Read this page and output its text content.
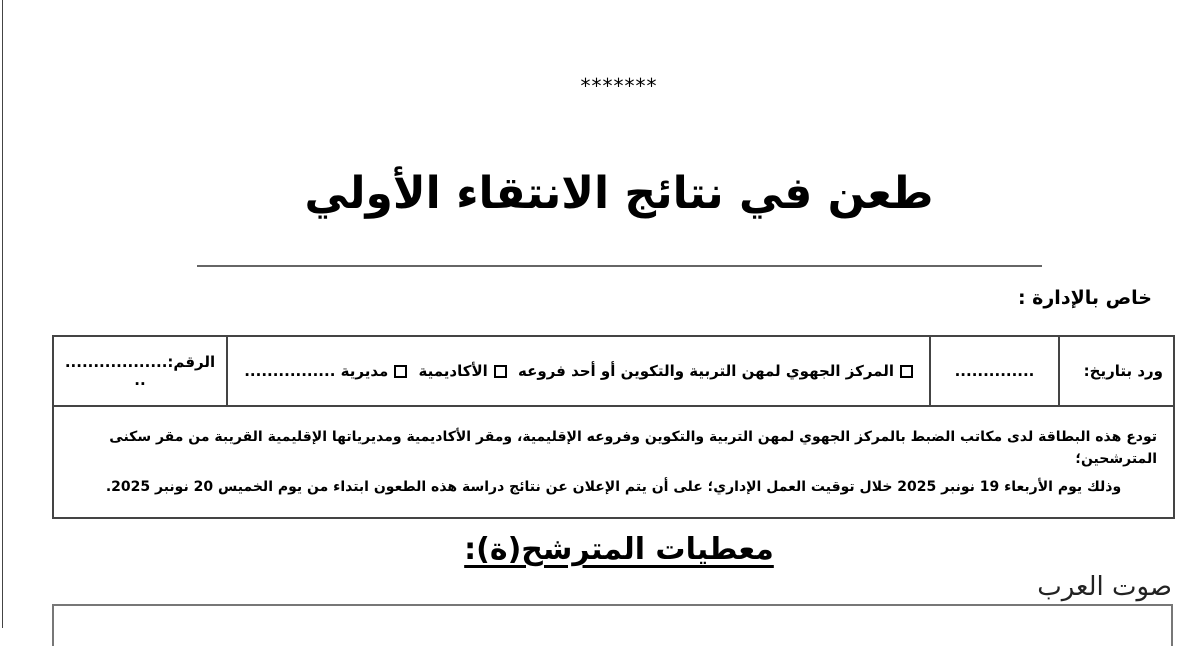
*******
طعن في نتائج الانتقاء الأولي
خاص بالإدارة :
ورد بتاريخ:	..............	المركز الجهوي لمهن التربية والتكوين أو أحد فروعه الأكاديمية مديرية ................	الرقم:....................

تودع هذه البطاقة لدى مكاتب الضبط بالمركز الجهوي لمهن التربية والتكوين وفروعه الإقليمية، ومقر الأكاديمية ومديرياتها الإقليمية القريبة من مقر سكنى المترشحين؛
وذلك يوم الأربعاء 19 نونبر 2025 خلال توقيت العمل الإداري؛ على أن يتم الإعلان عن نتائج دراسة هذه الطعون ابتداء من يوم الخميس 20 نونبر 2025.
معطيات المترشح(ة):
صوت العرب
